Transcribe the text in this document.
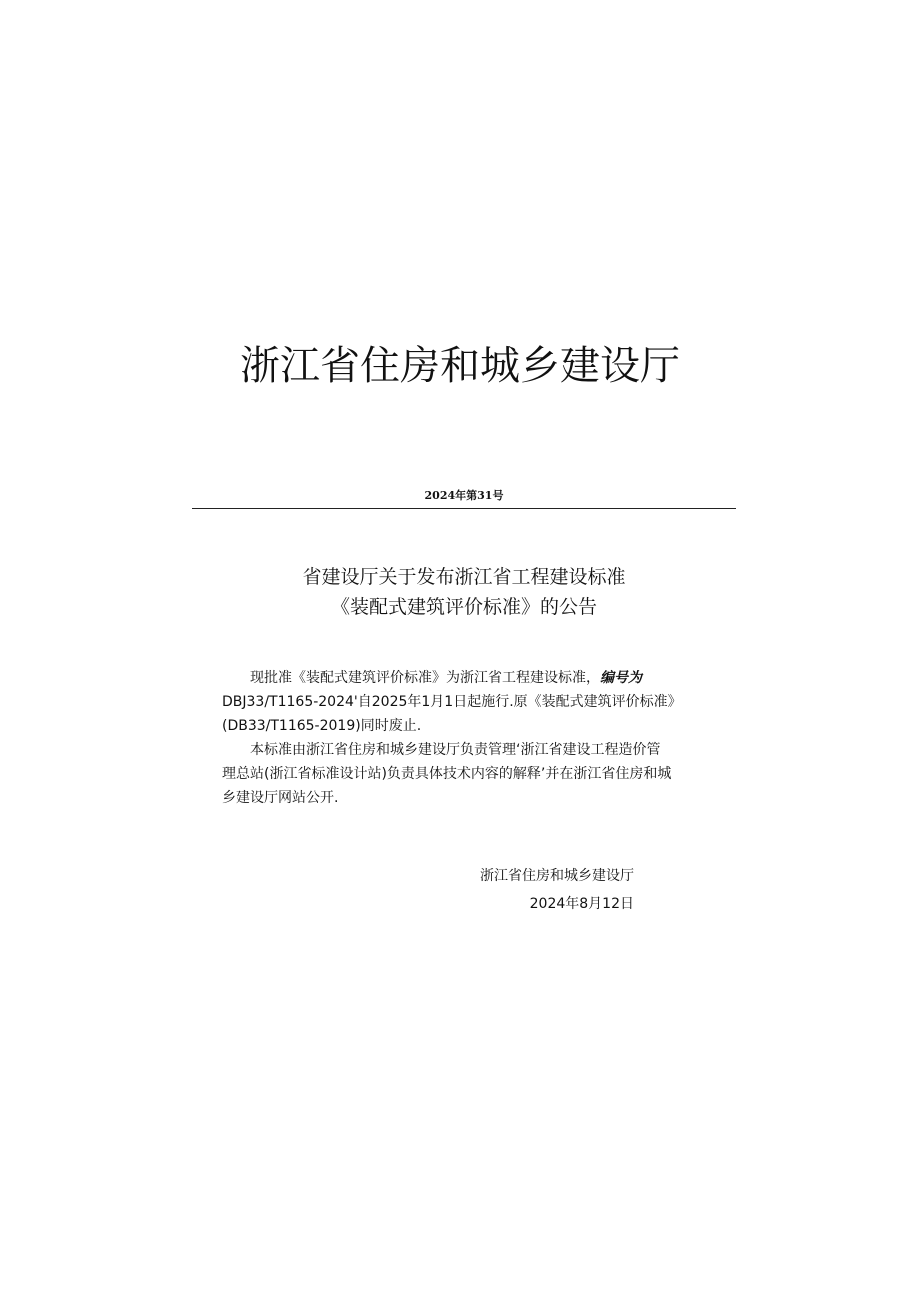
浙江省住房和城乡建设厅
2024年第31号
省建设厅关于发布浙江省工程建设标准
《装配式建筑评价标准》的公告
现批准《装配式建筑评价标准》为浙江省工程建设标准，编号为
DBJ33/T1165-2024'自2025年1月1日起施行.原《装配式建筑评价标准》
(DB33/T1165-2019)同时废止.
本标准由浙江省住房和城乡建设厅负责管理‘浙江省建设工程造价管
理总站(浙江省标准设计站)负责具体技术内容的解释’并在浙江省住房和城
乡建设厅网站公开.
浙江省住房和城乡建设厅
2024年8月12日
